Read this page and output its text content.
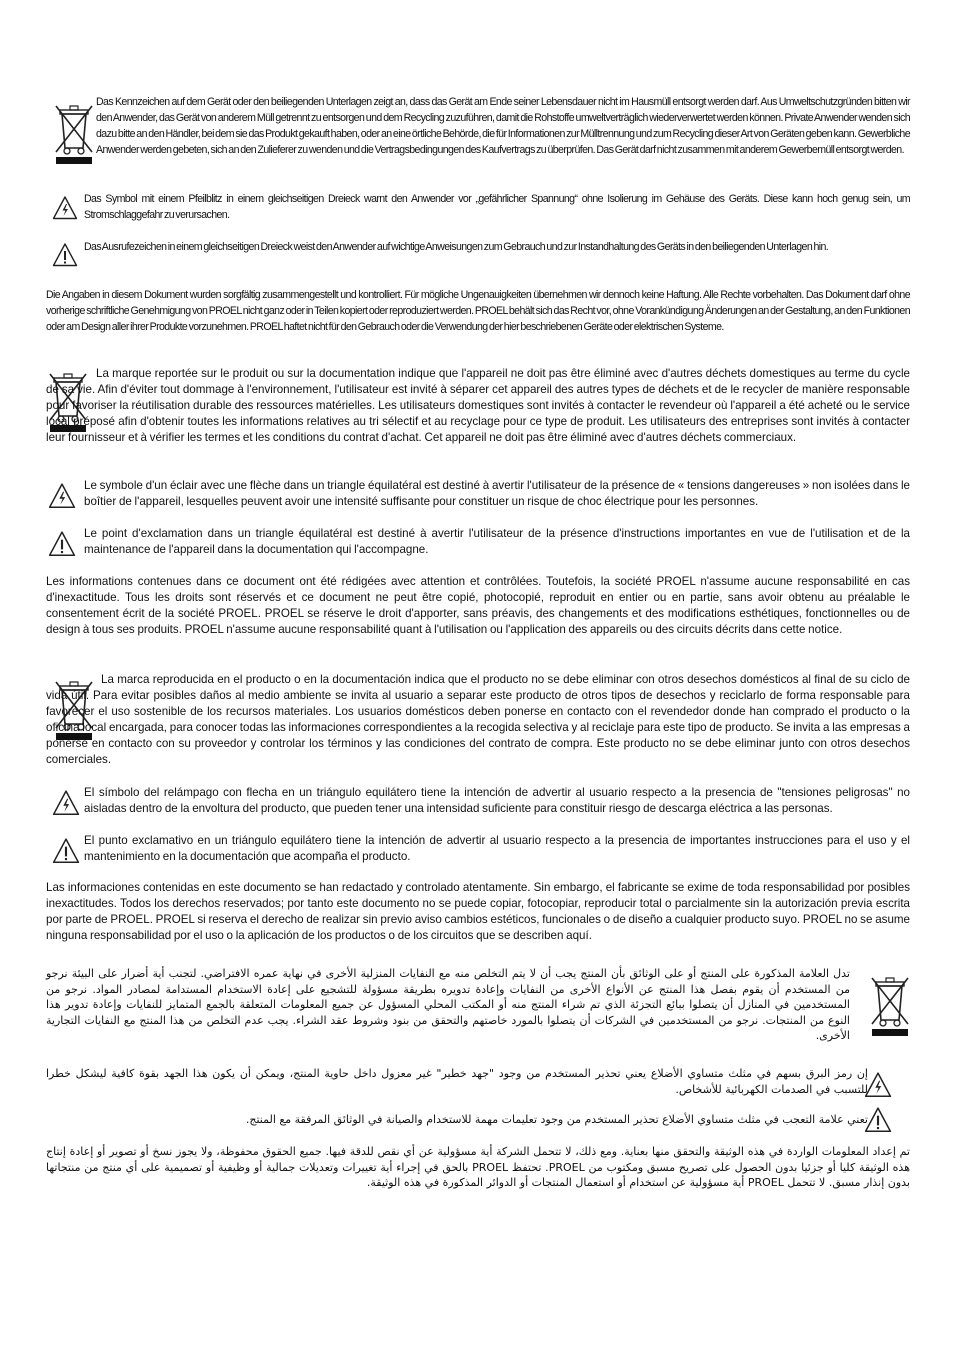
Das Kennzeichen auf dem Gerät oder den beiliegenden Unterlagen zeigt an, dass das Gerät am Ende seiner Lebensdauer nicht im Hausmüll entsorgt werden darf. Aus Umweltschutzgründen bitten wir den Anwender, das Gerät von anderem Müll getrennt zu entsorgen und dem Recycling zuzuführen, damit die Rohstoffe umweltverträglich wiederverwertet werden können. Private Anwender wenden sich dazu bitte an den Händler, bei dem sie das Produkt gekauft haben, oder an eine örtliche Behörde, die für Informationen zur Mülltrennung und zum Recycling dieser Art von Geräten geben kann. Gewerbliche Anwender werden gebeten, sich an den Zulieferer zu wenden und die Vertragsbedingungen des Kaufvertrags zu überprüfen. Das Gerät darf nicht zusammen mit anderem Gewerbemüll entsorgt werden.

Das Symbol mit einem Pfeilblitz in einem gleichseitigen Dreieck warnt den Anwender vor „gefährlicher Spannung“ ohne Isolierung im Gehäuse des Geräts. Diese kann hoch genug sein, um Stromschlaggefahr zu verursachen.

Das Ausrufezeichen in einem gleichseitigen Dreieck weist den Anwender auf wichtige Anweisungen zum Gebrauch und zur Instandhaltung des Geräts in den beiliegenden Unterlagen hin.

Die Angaben in diesem Dokument wurden sorgfältig zusammengestellt und kontrolliert. Für mögliche Ungenauigkeiten übernehmen wir dennoch keine Haftung. Alle Rechte vorbehalten. Das Dokument darf ohne vorherige schriftliche Genehmigung von PROEL nicht ganz oder in Teilen kopiert oder reproduziert werden. PROEL behält sich das Recht vor, ohne Vorankündigung Änderungen an der Gestaltung, an den Funktionen oder am Design aller ihrer Produkte vorzunehmen. PROEL haftet nicht für den Gebrauch oder die Verwendung der hier beschriebenen Geräte oder elektrischen Systeme.

La marque reportée sur le produit ou sur la documentation indique que l'appareil ne doit pas être éliminé avec d'autres déchets domestiques au terme du cycle de sa vie. Afin d'éviter tout dommage à l'environnement, l'utilisateur est invité à séparer cet appareil des autres types de déchets et de le recycler de manière responsable pour favoriser la réutilisation durable des ressources matérielles. Les utilisateurs domestiques sont invités à contacter le revendeur où l'appareil a été acheté ou le service local préposé afin d'obtenir toutes les informations relatives au tri sélectif et au recyclage pour ce type de produit. Les utilisateurs des entreprises sont invités à contacter leur fournisseur et à vérifier les termes et les conditions du contrat d'achat. Cet appareil ne doit pas être éliminé avec d'autres déchets commerciaux.

Le symbole d'un éclair avec une flèche dans un triangle équilatéral est destiné à avertir l'utilisateur de la présence de « tensions dangereuses » non isolées dans le boîtier de l'appareil, lesquelles peuvent avoir une intensité suffisante pour constituer un risque de choc électrique pour les personnes.

Le point d'exclamation dans un triangle équilatéral est destiné à avertir l'utilisateur de la présence d'instructions importantes en vue de l'utilisation et de la maintenance de l'appareil dans la documentation qui l'accompagne.

Les informations contenues dans ce document ont été rédigées avec attention et contrôlées. Toutefois, la société PROEL n'assume aucune responsabilité en cas d'inexactitude. Tous les droits sont réservés et ce document ne peut être copié, photocopié, reproduit en entier ou en partie, sans avoir obtenu au préalable le consentement écrit de la société PROEL. PROEL se réserve le droit d'apporter, sans préavis, des changements et des modifications esthétiques, fonctionnelles ou de design à tous ses produits. PROEL n'assume aucune responsabilité quant à l'utilisation ou l'application des appareils ou des circuits décrits dans cette notice.

La marca reproducida en el producto o en la documentación indica que el producto no se debe eliminar con otros desechos domésticos al final de su ciclo de vida útil. Para evitar posibles daños al medio ambiente se invita al usuario a separar este producto de otros tipos de desechos y reciclarlo de forma responsable para favorecer el uso sostenible de los recursos materiales. Los usuarios domésticos deben ponerse en contacto con el revendedor donde han comprado el producto o la oficina local encargada, para conocer todas las informaciones correspondientes a la recogida selectiva y al reciclaje para este tipo de producto. Se invita a las empresas a ponerse en contacto con su proveedor y controlar los términos y las condiciones del contrato de compra. Este producto no se debe eliminar junto con otros desechos comerciales.

El símbolo del relámpago con flecha en un triángulo equilátero tiene la intención de advertir al usuario respecto a la presencia de "tensiones peligrosas" no aisladas dentro de la envoltura del producto, que pueden tener una intensidad suficiente para constituir riesgo de descarga eléctrica a las personas.

El punto exclamativo en un triángulo equilátero tiene la intención de advertir al usuario respecto a la presencia de importantes instrucciones para el uso y el mantenimiento en la documentación que acompaña el producto.

Las informaciones contenidas en este documento se han redactado y controlado atentamente. Sin embargo, el fabricante se exime de toda responsabilidad por posibles inexactitudes. Todos los derechos reservados; por tanto este documento no se puede copiar, fotocopiar, reproducir total o parcialmente sin la autorización previa escrita por parte de PROEL. PROEL si reserva el derecho de realizar sin previo aviso cambios estéticos, funcionales o de diseño a cualquier producto suyo. PROEL no se asume ninguna responsabilidad por el uso o la aplicación de los productos o de los circuitos que se describen aquí.

تدل العلامة المذكورة على المنتج أو على الوثائق بأن المنتج يجب أن لا يتم التخلص منه مع النفايات المنزلية الأخرى في نهاية عمره الافتراضي. لتجنب أية أضرار على البيئة نرجو من المستخدم أن يقوم بفصل هذا المنتج عن الأنواع الأخرى من النفايات وإعادة تدويره بطريقة مسؤولة للتشجيع على إعادة الاستخدام المستدامة لمصادر المواد. نرجو من المستخدمين في المنازل أن يتصلوا ببائع التجزئة الذي تم شراء المنتج منه أو المكتب المحلي المسؤول عن جميع المعلومات المتعلقة بالجمع المتمايز للنفايات وإعادة تدوير هذا النوع من المنتجات. نرجو من المستخدمين في الشركات أن يتصلوا بالمورد خاصتهم والتحقق من بنود وشروط عقد الشراء. يجب عدم التخلص من هذا المنتج مع النفايات التجارية الأخرى.

إن رمز البرق بسهم في مثلث متساوي الأضلاع يعني تحذير المستخدم من وجود "جهد خطير" غير معزول داخل حاوية المنتج، ويمكن أن يكون هذا الجهد بقوة كافية ليشكل خطرا للتسبب في الصدمات الكهربائية للأشخاص.

تعني علامة التعجب في مثلث متساوي الأضلاع تحذير المستخدم من وجود تعليمات مهمة للاستخدام والصيانة في الوثائق المرفقة مع المنتج.

تم إعداد المعلومات الواردة في هذه الوثيقة والتحقق منها بعناية. ومع ذلك، لا تتحمل الشركة أية مسؤولية عن أي نقص للدقة فيها. جميع الحقوق محفوظة، ولا يجوز نسخ أو تصوير أو إعادة إنتاج هذه الوثيقة كليا أو جزئيا بدون الحصول على تصريح مسبق ومكتوب من PROEL. تحتفظ PROEL بالحق في إجراء أية تغييرات وتعديلات جمالية أو وظيفية أو تصميمية على أي منتج من منتجاتها بدون إنذار مسبق. لا تتحمل PROEL أية مسؤولية عن استخدام أو استعمال المنتجات أو الدوائر المذكورة في هذه الوثيقة.
